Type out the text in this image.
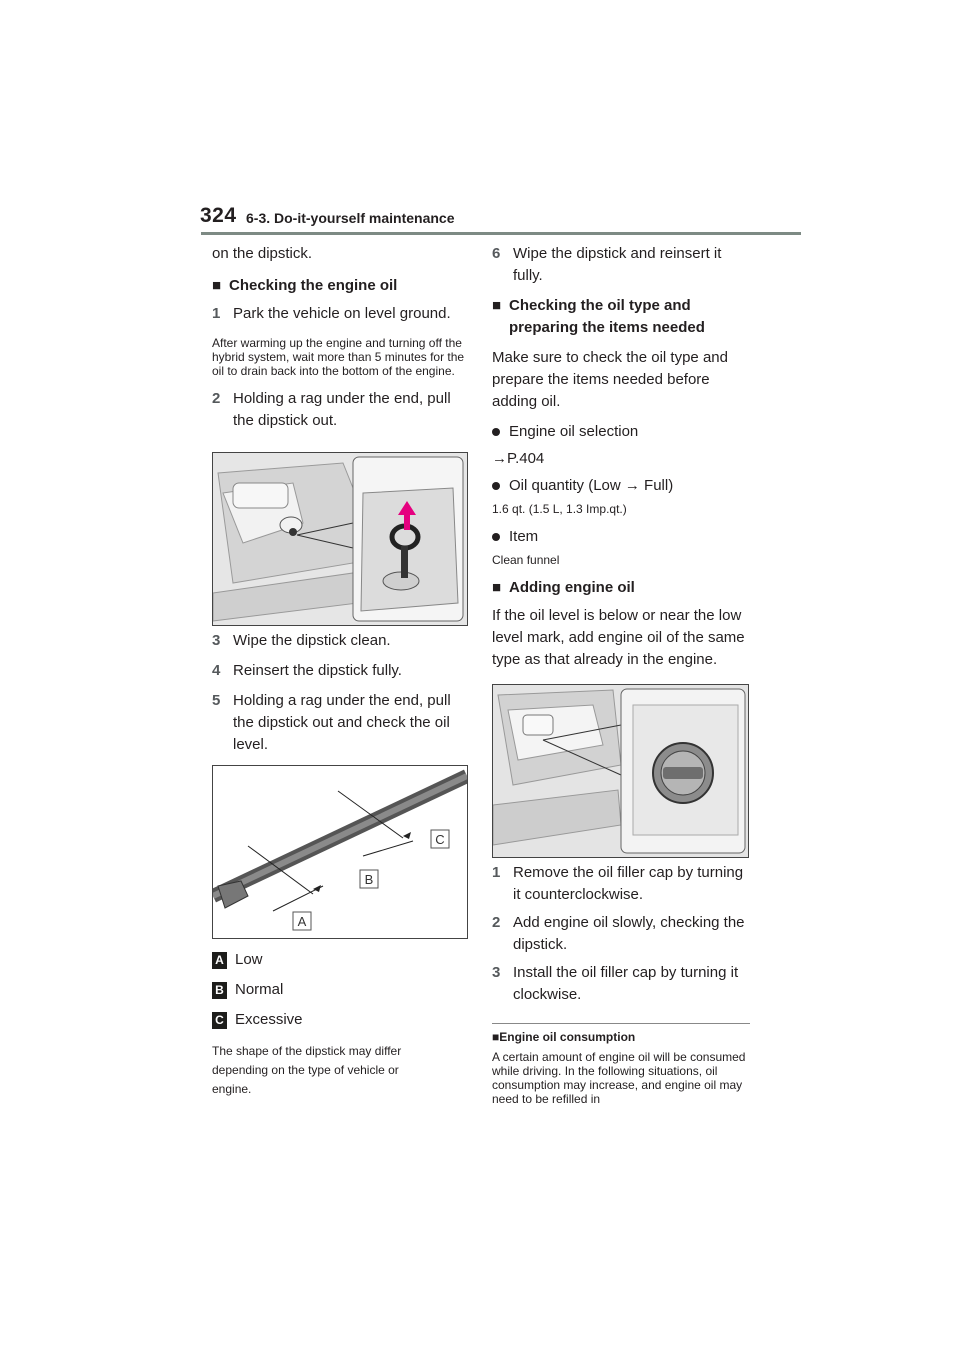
324 6-3. Do-it-yourself maintenance

on the dipstick.

■ Checking the engine oil
1 Park the vehicle on level ground.

After warming up the engine and turning off the hybrid system, wait more than 5 minutes for the oil to drain back into the bottom of the engine.

2 Holding a rag under the end, pull the dipstick out.
3 Wipe the dipstick clean.
4 Reinsert the dipstick fully.
5 Holding a rag under the end, pull the dipstick out and check the oil level.
A
B
C
A Low
B Normal
C Excessive

The shape of the dipstick may differ depending on the type of vehicle or engine.

6 Wipe the dipstick and reinsert it fully.
■ Checking the oil type and preparing the items needed

Make sure to check the oil type and prepare the items needed before adding oil.

Engine oil selection

→P.404

Oil quantity (Low → Full)

1.6 qt. (1.5 L, 1.3 Imp.qt.)

Item

Clean funnel

■ Adding engine oil

If the oil level is below or near the low level mark, add engine oil of the same type as that already in the engine.

1 Remove the oil filler cap by turning it counterclockwise.
2 Add engine oil slowly, checking the dipstick.
3 Install the oil filler cap by turning it clockwise.
■Engine oil consumption

A certain amount of engine oil will be consumed while driving. In the following situations, oil consumption may increase, and engine oil may need to be refilled in
